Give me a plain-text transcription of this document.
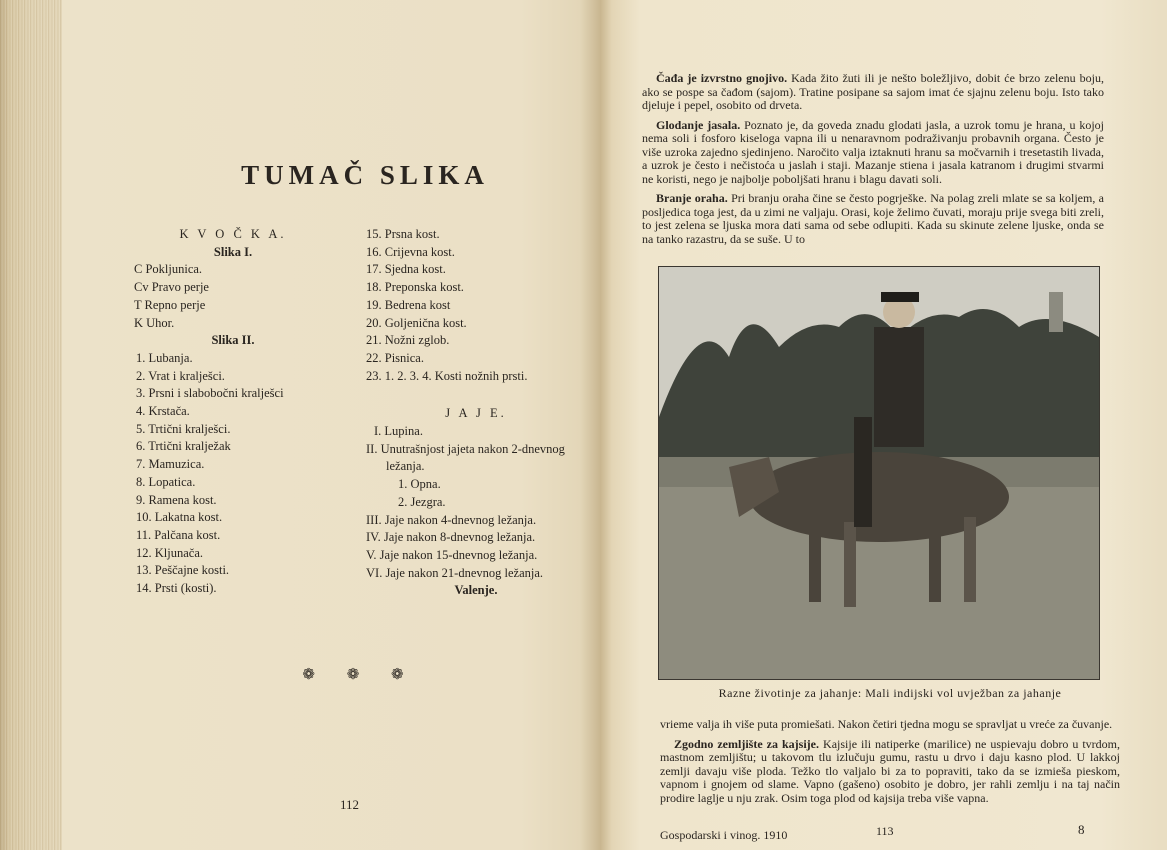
TUMAČ SLIKA
K V O Č K A.
Slika I.
C Pokljunica.
Cv Pravo perje
T Repno perje
K Uhor.
Slika II.
1. Lubanja.
2. Vrat i kralješci.
3. Prsni i slabobočni kralješci
4. Krstača.
5. Trtični kralješci.
6. Trtični kralježak
7. Mamuzica.
8. Lopatica.
9. Ramena kost.
10. Lakatna kost.
11. Palčana kost.
12. Kljunača.
13. Peščajne kosti.
14. Prsti (kosti).
15. Prsna kost.
16. Crijevna kost.
17. Sjedna kost.
18. Preponska kost.
19. Bedrena kost
20. Goljenična kost.
21. Nožni zglob.
22. Pisnica.
23. 1. 2. 3. 4. Kosti nožnih prsti.
J A J E.
I. Lupina.
II. Unutrašnjost jajeta nakon 2-dnevnog
ležanja.
1. Opna.
2. Jezgra.
III. Jaje nakon 4-dnevnog ležanja.
IV. Jaje nakon 8-dnevnog ležanja.
V. Jaje nakon 15-dnevnog ležanja.
VI. Jaje nakon 21-dnevnog ležanja.
Valenje.
❁ ❁ ❁
112

Čađa je izvrstno gnojivo. Kada žito žuti ili je nešto boležljivo, dobit će brzo zelenu boju, ako se pospe sa čađom (sajom). Tratine posipane sa sajom imat će sjajnu zelenu boju. Isto tako djeluje i pepel, osobito od drveta.

Glodanje jasala. Poznato je, da goveda znadu glodati jasla, a uzrok tomu je hrana, u kojoj nema soli i fosforo kiseloga vapna ili u nenaravnom podraživanju probavnih organa. Često je više uzroka zajedno sjedinjeno. Naročito valja iztaknuti hranu sa močvarnih i tresetastih livada, a uzrok je često i nečistoća u jaslah i staji. Mazanje stiena i jasala katranom i drugimi stvarmi ne koristi, nego je najbolje poboljšati hranu i blagu davati soli.

Branje oraha. Pri branju oraha čine se često pogrješke. Na polag zreli mlate se sa koljem, a posljedica toga jest, da u zimi ne valjaju. Orasi, koje želimo čuvati, moraju prije svega biti zreli, to jest zelena se ljuska mora dati sama od sebe odlupiti. Kada su skinute zelene ljuske, onda se na tanko razastru, da se suše. U to

Razne životinje za jahanje: Mali indijski vol uvježban za jahanje

vrieme valja ih više puta promiešati. Nakon četiri tjedna mogu se spravljat u vreće za čuvanje.

Zgodno zemljište za kajsije. Kajsije ili natiperke (marilice) ne uspievaju dobro u tvrdom, mastnom zemljištu; u takovom tlu izlučuju gumu, rastu u drvo i daju kasno plod. U lakkoj zemlji davaju više ploda. Težko tlo valjalo bi za to popraviti, tako da se izmieša pieskom, vapnom i gnojem od slame. Vapno (gašeno) osobito je dobro, jer rahli zemlju i na taj način prodire laglje u nju zrak. Osim toga plod od kajsija treba više vapna.

Gospodarski i vinog. 1910	113	8
